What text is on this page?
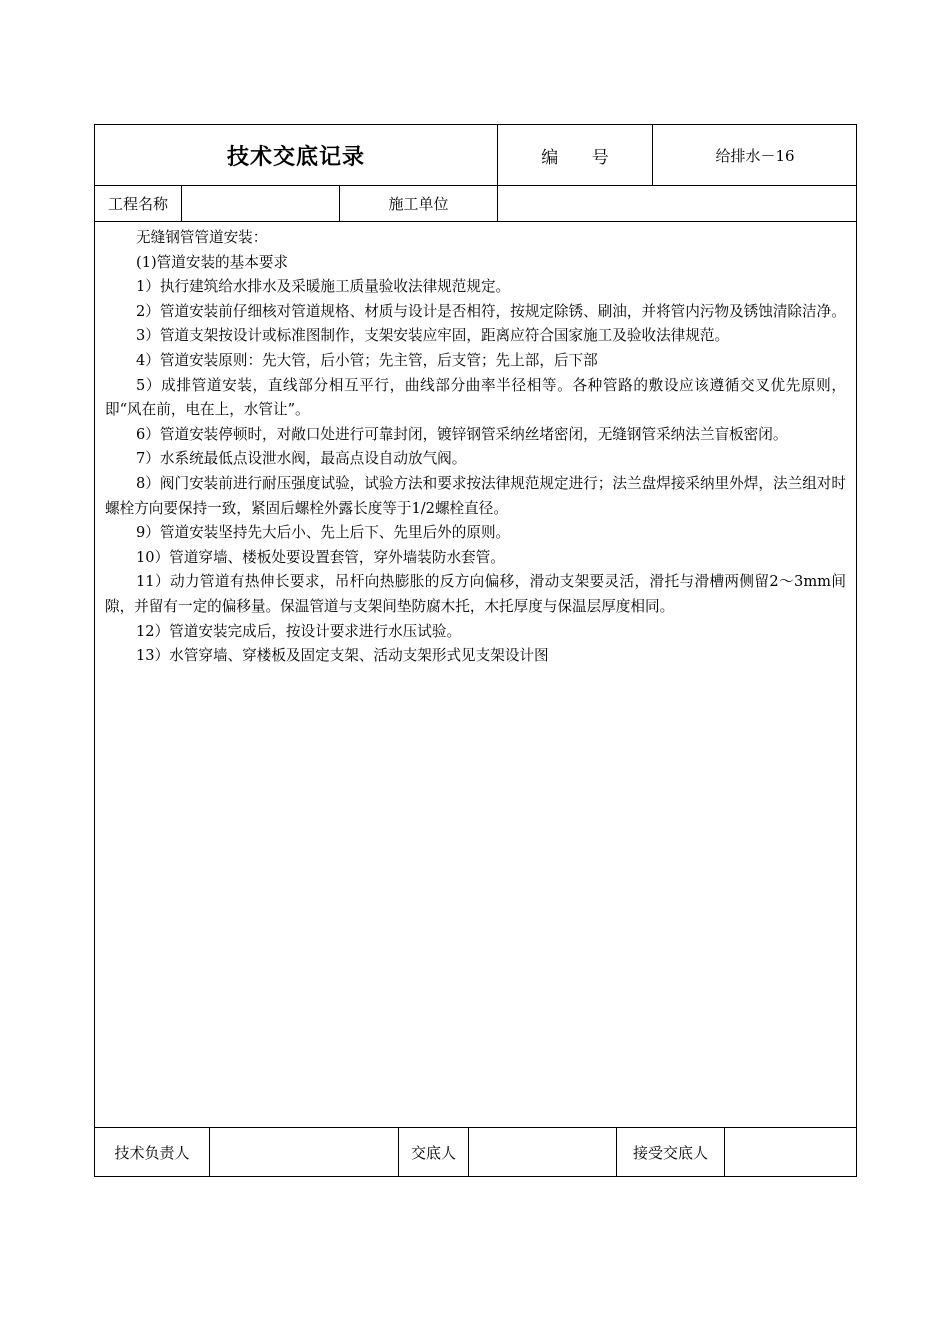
技术交底记录	编 号	给排水－16
工程名称	施工单位

无缝钢管管道安装：

(1)管道安装的基本要求

1）执行建筑给水排水及采暖施工质量验收法律规范规定。

2）管道安装前仔细核对管道规格、材质与设计是否相符，按规定除锈、刷油，并将管内污物及锈蚀清除洁净。

3）管道支架按设计或标准图制作，支架安装应牢固，距离应符合国家施工及验收法律规范。

4）管道安装原则：先大管，后小管；先主管，后支管；先上部，后下部

5）成排管道安装，直线部分相互平行，曲线部分曲率半径相等。各种管路的敷设应该遵循交叉优先原则，即“风在前，电在上，水管让”。

6）管道安装停顿时，对敞口处进行可靠封闭，镀锌钢管采纳丝堵密闭，无缝钢管采纳法兰盲板密闭。

7）水系统最低点设泄水阀，最高点设自动放气阀。

8）阀门安装前进行耐压强度试验，试验方法和要求按法律规范规定进行；法兰盘焊接采纳里外焊，法兰组对时螺栓方向要保持一致，紧固后螺栓外露长度等于1/2螺栓直径。

9）管道安装坚持先大后小、先上后下、先里后外的原则。

10）管道穿墙、楼板处要设置套管，穿外墙装防水套管。

11）动力管道有热伸长要求，吊杆向热膨胀的反方向偏移，滑动支架要灵活，滑托与滑槽两侧留2～3mm间隙，并留有一定的偏移量。保温管道与支架间垫防腐木托，木托厚度与保温层厚度相同。

12）管道安装完成后，按设计要求进行水压试验。

13）水管穿墙、穿楼板及固定支架、活动支架形式见支架设计图

技术负责人	交底人	接受交底人
